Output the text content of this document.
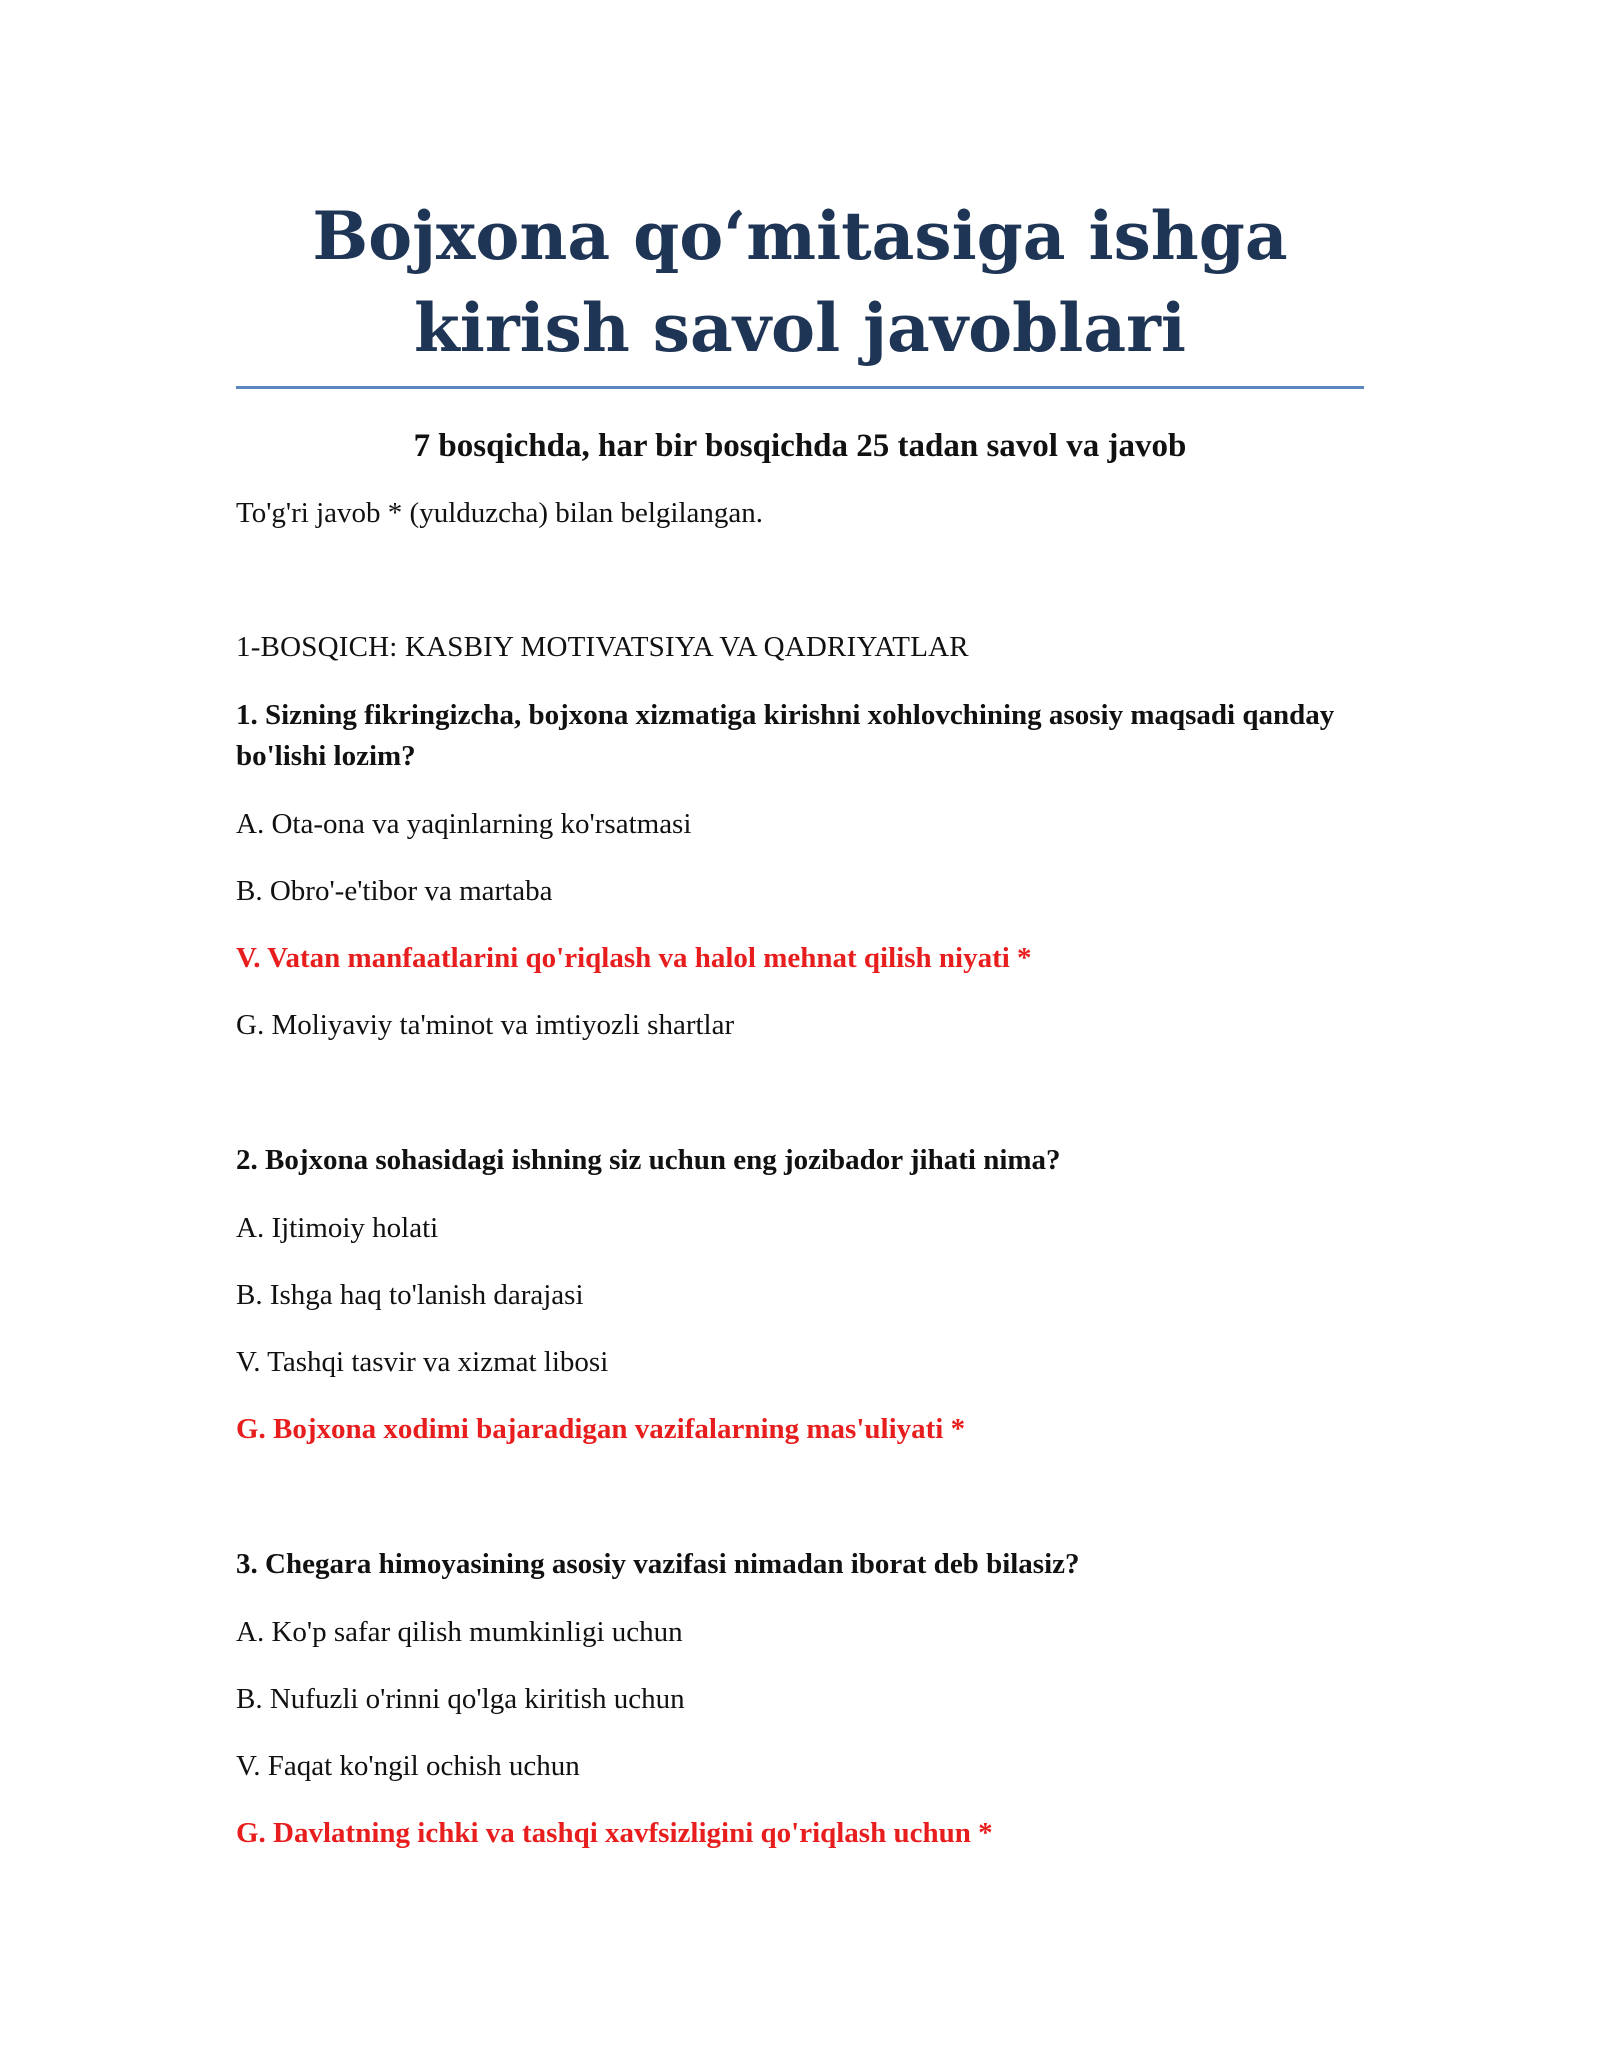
Bojxona qo‘mitasiga ishga kirish savol javoblari

7 bosqichda, har bir bosqichda 25 tadan savol va javob

To'g'ri javob * (yulduzcha) bilan belgilangan.

1-BOSQICH: KASBIY MOTIVATSIYA VA QADRIYATLAR

1. Sizning fikringizcha, bojxona xizmatiga kirishni xohlovchining asosiy maqsadi qanday bo'lishi lozim?

A. Ota-ona va yaqinlarning ko'rsatmasi

B. Obro'-e'tibor va martaba

V. Vatan manfaatlarini qo'riqlash va halol mehnat qilish niyati *

G. Moliyaviy ta'minot va imtiyozli shartlar

2. Bojxona sohasidagi ishning siz uchun eng jozibador jihati nima?

A. Ijtimoiy holati

B. Ishga haq to'lanish darajasi

V. Tashqi tasvir va xizmat libosi

G. Bojxona xodimi bajaradigan vazifalarning mas'uliyati *

3. Chegara himoyasining asosiy vazifasi nimadan iborat deb bilasiz?

A. Ko'p safar qilish mumkinligi uchun

B. Nufuzli o'rinni qo'lga kiritish uchun

V. Faqat ko'ngil ochish uchun

G. Davlatning ichki va tashqi xavfsizligini qo'riqlash uchun *
